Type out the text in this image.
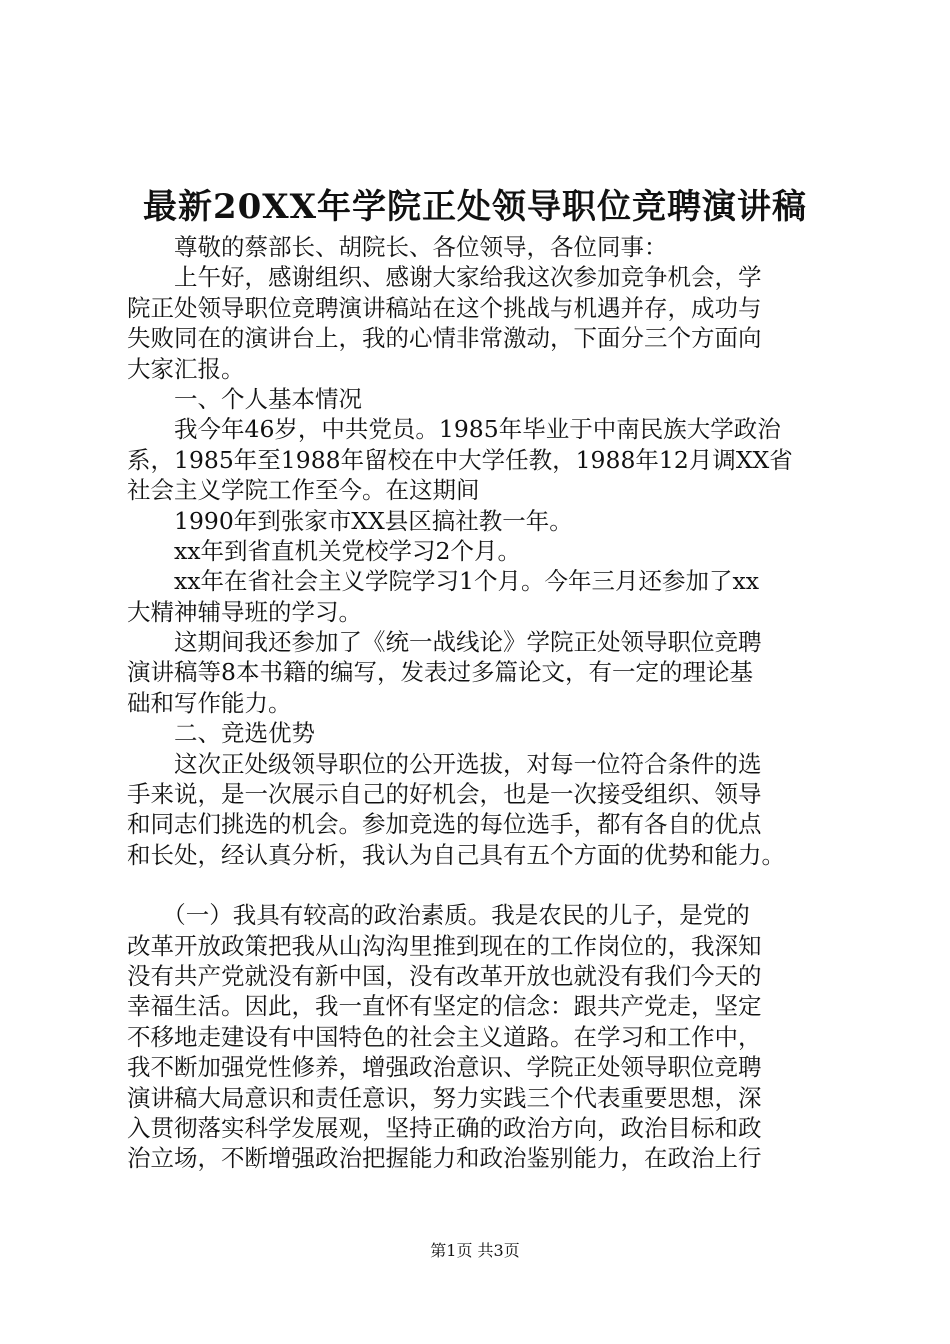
最新20XX年学院正处领导职位竞聘演讲稿
　　尊敬的蔡部长、胡院长、各位领导，各位同事：
　　上午好，感谢组织、感谢大家给我这次参加竞争机会，学
院正处领导职位竞聘演讲稿站在这个挑战与机遇并存，成功与
失败同在的演讲台上，我的心情非常激动，下面分三个方面向
大家汇报。
　　一、个人基本情况
　　我今年46岁，中共党员。1985年毕业于中南民族大学政治
系，1985年至1988年留校在中大学任教，1988年12月调XX省
社会主义学院工作至今。在这期间
　　1990年到张家市XX县区搞社教一年。
　　xx年到省直机关党校学习2个月。
　　xx年在省社会主义学院学习1个月。今年三月还参加了xx
大精神辅导班的学习。
　　这期间我还参加了《统一战线论》学院正处领导职位竞聘
演讲稿等8本书籍的编写，发表过多篇论文，有一定的理论基
础和写作能力。
　　二、竞选优势
　　这次正处级领导职位的公开选拔，对每一位符合条件的选
手来说，是一次展示自己的好机会，也是一次接受组织、领导
和同志们挑选的机会。参加竞选的每位选手，都有各自的优点
和长处，经认真分析，我认为自己具有五个方面的优势和能力。
　　（一）我具有较高的政治素质。我是农民的儿子，是党的
改革开放政策把我从山沟沟里推到现在的工作岗位的，我深知
没有共产党就没有新中国，没有改革开放也就没有我们今天的
幸福生活。因此，我一直怀有坚定的信念：跟共产党走，坚定
不移地走建设有中国特色的社会主义道路。在学习和工作中，
我不断加强党性修养，增强政治意识、学院正处领导职位竞聘
演讲稿大局意识和责任意识，努力实践三个代表重要思想，深
入贯彻落实科学发展观，坚持正确的政治方向，政治目标和政
治立场，不断增强政治把握能力和政治鉴别能力，在政治上行
第1页 共3页
